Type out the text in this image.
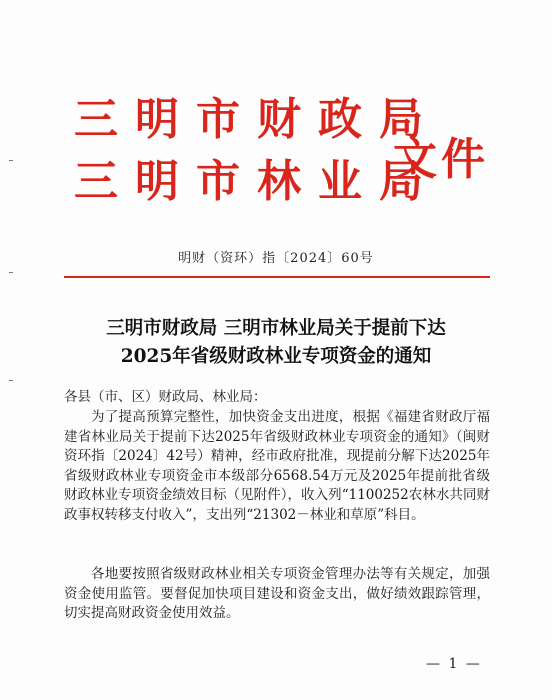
三明市财政局
三明市林业局
文件
明财（资环）指〔2024〕60号
三明市财政局 三明市林业局关于提前下达
2025年省级财政林业专项资金的通知
各县（市、区）财政局、林业局：
为了提高预算完整性，加快资金支出进度，根据《福建省财政厅福建省林业局关于提前下达2025年省级财政林业专项资金的通知》（闽财资环指〔2024〕42号）精神，经市政府批准，现提前分解下达2025年省级财政林业专项资金市本级部分6568.54万元及2025年提前批省级财政林业专项资金绩效目标（见附件），收入列“1100252农林水共同财政事权转移支付收入”，支出列“21302－林业和草原”科目。
各地要按照省级财政林业相关专项资金管理办法等有关规定，加强资金使用监管。要督促加快项目建设和资金支出，做好绩效跟踪管理，切实提高财政资金使用效益。
— 1 —
